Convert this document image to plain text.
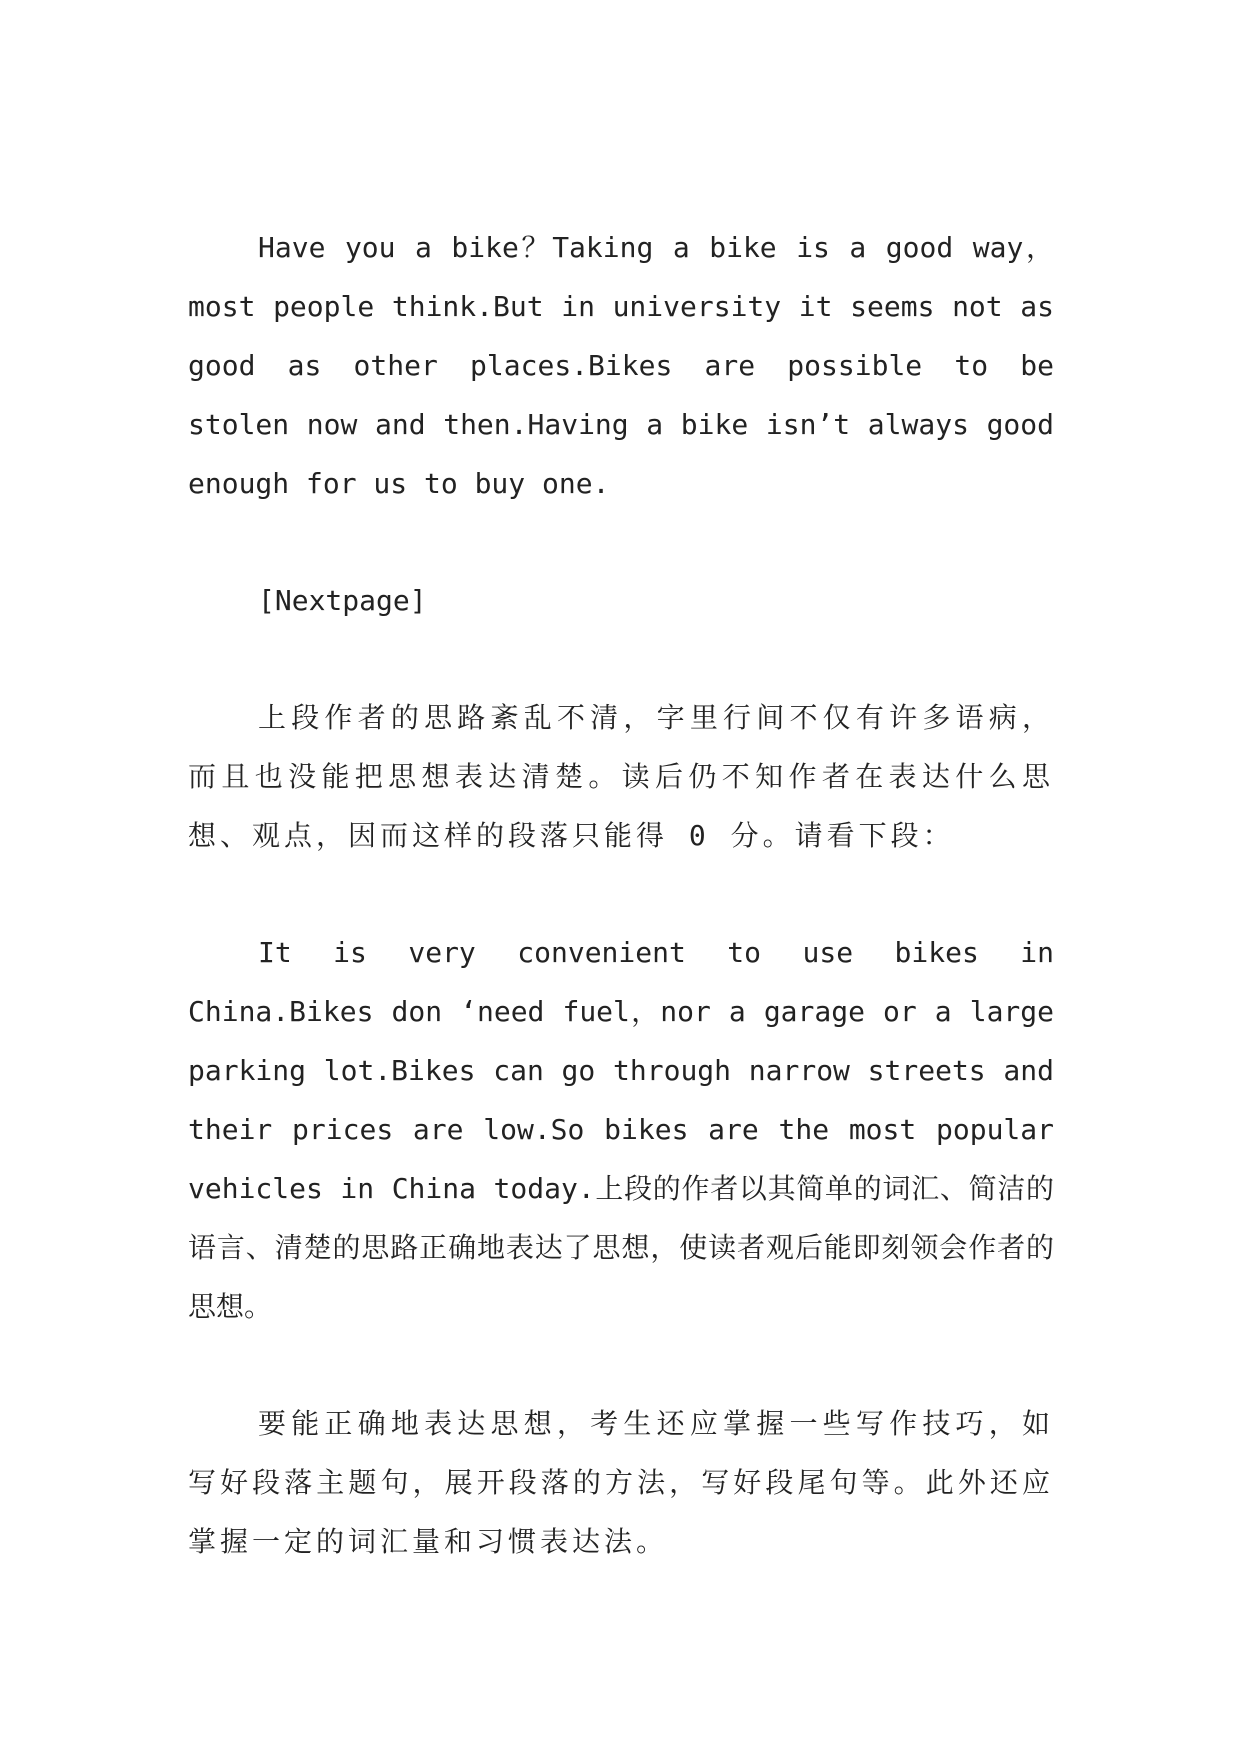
Have you a bike？Taking a bike is a good way，most people think.But in university it seems not as good as other places.Bikes are possible to be stolen now and then.Having a bike isn’t always good enough for us to buy one.

[Nextpage]

上段作者的思路紊乱不清，字里行间不仅有许多语病，而且也没能把思想表达清楚。读后仍不知作者在表达什么思想、观点，因而这样的段落只能得 0 分。请看下段：

It is very convenient to use bikes in China.Bikes don ‘need fuel，nor a garage or a large parking lot.Bikes can go through narrow streets and their prices are low.So bikes are the most popular vehicles in China today.上段的作者以其简单的词汇、简洁的语言、清楚的思路正确地表达了思想，使读者观后能即刻领会作者的思想。

要能正确地表达思想，考生还应掌握一些写作技巧，如写好段落主题句，展开段落的方法，写好段尾句等。此外还应掌握一定的词汇量和习惯表达法。
